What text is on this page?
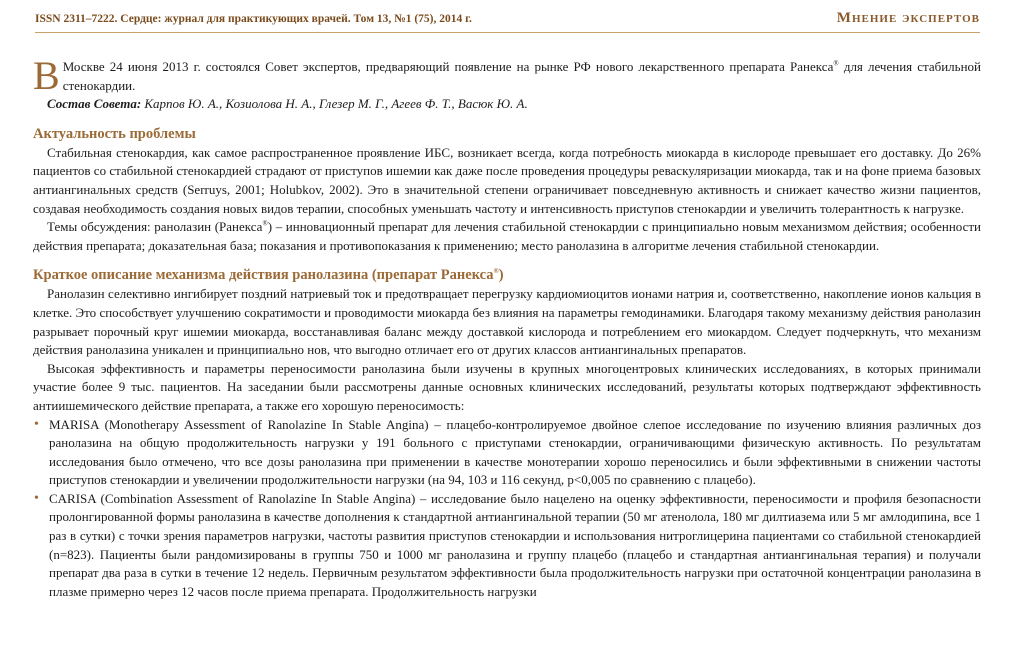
ISSN 2311–7222. Сердце: журнал для практикующих врачей. Том 13, №1 (75), 2014 г.	Мнение экспертов

В Москве 24 июня 2013 г. состоялся Совет экспертов, предваряющий появление на рынке РФ нового лекарственного препарата Ранекса® для лечения стабильной стенокардии.

Состав Совета: Карпов Ю. А., Козиолова Н. А., Глезер М. Г., Агеев Ф. Т., Васюк Ю. А.

Актуальность проблемы

Стабильная стенокардия, как самое распространенное проявление ИБС, возникает всегда, когда потребность миокарда в кислороде превышает его доставку. До 26% пациентов со стабильной стенокардией страдают от приступов ишемии как даже после проведения процедуры реваскуляризации миокарда, так и на фоне приема базовых антиангинальных средств (Serruys, 2001; Holubkov, 2002). Это в значительной степени ограничивает повседневную активность и снижает качество жизни пациентов, создавая необходимость создания новых видов терапии, способных уменьшать частоту и интенсивность приступов стенокардии и увеличить толерантность к нагрузке.

Темы обсуждения: ранолазин (Ранекса®) – инновационный препарат для лечения стабильной стенокардии с принципиально новым механизмом действия; особенности действия препарата; доказательная база; показания и противопоказания к применению; место ранолазина в алгоритме лечения стабильной стенокардии.

Краткое описание механизма действия ранолазина (препарат Ранекса®)

Ранолазин селективно ингибирует поздний натриевый ток и предотвращает перегрузку кардиомиоцитов ионами натрия и, соответственно, накопление ионов кальция в клетке. Это способствует улучшению сократимости и проводимости миокарда без влияния на параметры гемодинамики. Благодаря такому механизму действия ранолазин разрывает порочный круг ишемии миокарда, восстанавливая баланс между доставкой кислорода и потреблением его миокардом. Следует подчеркнуть, что механизм действия ранолазина уникален и принципиально нов, что выгодно отличает его от других классов антиангинальных препаратов.

Высокая эффективность и параметры переносимости ранолазина были изучены в крупных многоцентровых клинических исследованиях, в которых принимали участие более 9 тыс. пациентов. На заседании были рассмотрены данные основных клинических исследований, результаты которых подтверждают эффективность антиишемического действие препарата, а также его хорошую переносимость:

• MARISA (Monotherapy Assessment of Ranolazine In Stable Angina) – плацебо-контролируемое двойное слепое исследование по изучению влияния различных доз ранолазина на общую продолжительность нагрузки у 191 больного с приступами стенокардии, ограничивающими физическую активность. По результатам исследования было отмечено, что все дозы ранолазина при применении в качестве монотерапии хорошо переносились и были эффективными в снижении частоты приступов стенокардии и увеличении продолжительности нагрузки (на 94, 103 и 116 секунд, p<0,005 по сравнению с плацебо).
• CARISA (Combination Assessment of Ranolazine In Stable Angina) – исследование было нацелено на оценку эффективности, переносимости и профиля безопасности пролонгированной формы ранолазина в качестве дополнения к стандартной антиангинальной терапии (50 мг атенолола, 180 мг дилтиазема или 5 мг амлодипина, все 1 раз в сутки) с точки зрения параметров нагрузки, частоты развития приступов стенокардии и использования нитроглицерина пациентами со стабильной стенокардией (n=823). Пациенты были рандомизированы в группы 750 и 1000 мг ранолазина и группу плацебо (плацебо и стандартная антиангинальная терапия) и получали препарат два раза в сутки в течение 12 недель. Первичным результатом эффективности была продолжительность нагрузки при остаточной концентрации ранолазина в плазме примерно через 12 часов после приема препарата. Продолжительность нагрузки
